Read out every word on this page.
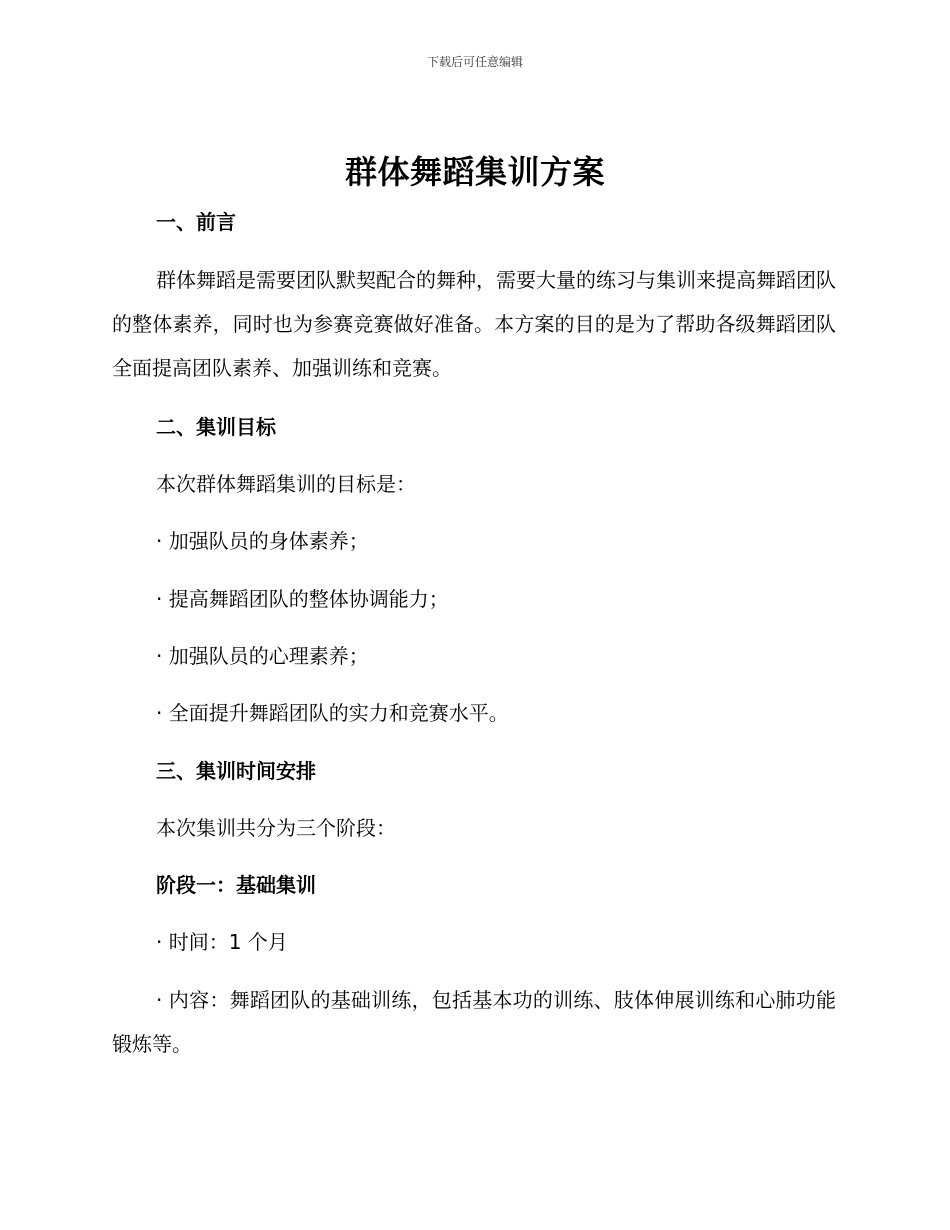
下载后可任意编辑
群体舞蹈集训方案

一、前言

群体舞蹈是需要团队默契配合的舞种，需要大量的练习与集训来提高舞蹈团队的整体素养，同时也为参赛竞赛做好准备。本方案的目的是为了帮助各级舞蹈团队全面提高团队素养、加强训练和竞赛。

二、集训目标

本次群体舞蹈集训的目标是：

· 加强队员的身体素养；

· 提高舞蹈团队的整体协调能力；

· 加强队员的心理素养；

· 全面提升舞蹈团队的实力和竞赛水平。

三、集训时间安排

本次集训共分为三个阶段：

阶段一：基础集训

· 时间：1 个月

· 内容：舞蹈团队的基础训练，包括基本功的训练、肢体伸展训练和心肺功能锻炼等。
